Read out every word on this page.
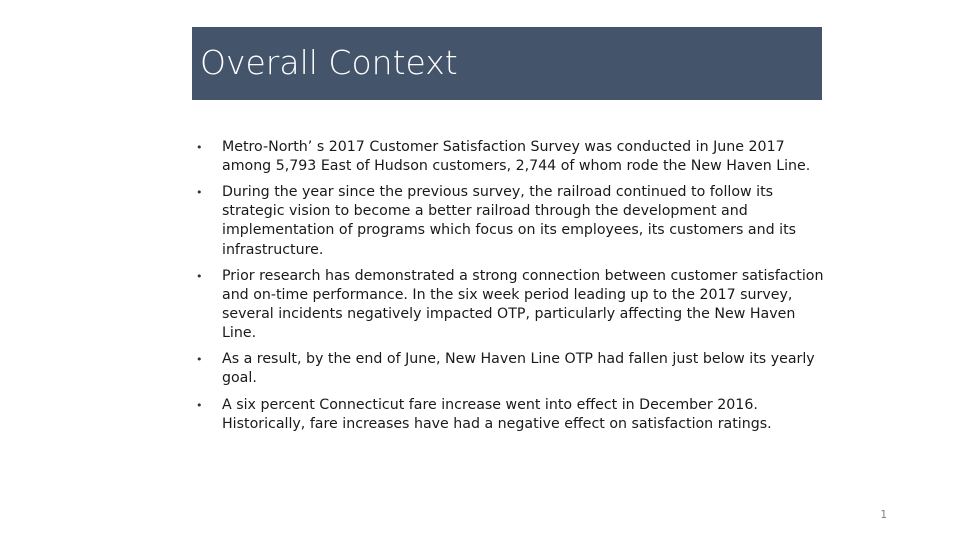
Overall Context
• Metro-North’ s 2017 Customer Satisfaction Survey was conducted in June 2017 among 5,793 East of Hudson customers, 2,744 of whom rode the New Haven Line.
• During the year since the previous survey, the railroad continued to follow its strategic vision to become a better railroad through the development and implementation of programs which focus on its employees, its customers and its infrastructure.
• Prior research has demonstrated a strong connection between customer satisfaction and on-time performance. In the six week period leading up to the 2017 survey, several incidents negatively impacted OTP, particularly affecting the New Haven Line.
• As a result, by the end of June, New Haven Line OTP had fallen just below its yearly goal.
• A six percent Connecticut fare increase went into effect in December 2016. Historically, fare increases have had a negative effect on satisfaction ratings.
1
